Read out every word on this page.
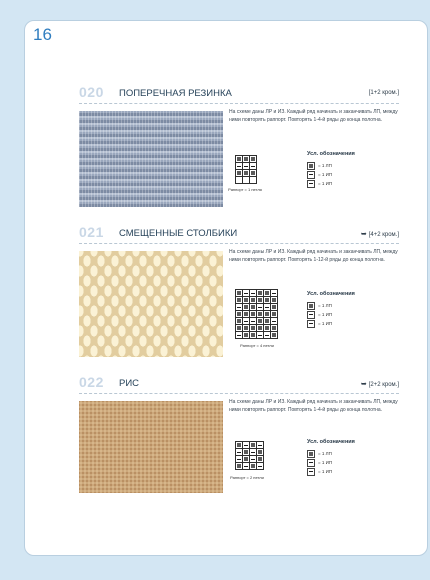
16
020 ПОПЕРЕЧНАЯ РЕЗИНКА	[1+2 кром.]
На схеме даны ЛР и ИЗ. Каждый ряд начинать и заканчивать ЛП, между ними повторять раппорт. Повторять 1-4-й ряды до конца полотна.
Раппорт = 1 петля
Усл. обозначения
= 1 ЛП
= 1 ИП
= 1 ИП
021 СМЕЩЕННЫЕ СТОЛБИКИ	➥ [4+2 кром.]
На схеме даны ЛР и ИЗ. Каждый ряд начинать и заканчивать ЛП, между ними повторять раппорт. Повторять 1-12-й ряды до конца полотна.
Раппорт = 4 петли
Усл. обозначения
= 1 ЛП
= 1 ИП
= 1 ИП
022 РИС	➥ [2+2 кром.]
На схеме даны ЛР и ИЗ. Каждый ряд начинать и заканчивать ЛП, между ними повторять раппорт. Повторять 1-4-й ряды до конца полотна.
Раппорт = 2 петли
Усл. обозначения
= 1 ЛП
= 1 ИП
= 1 ИП
